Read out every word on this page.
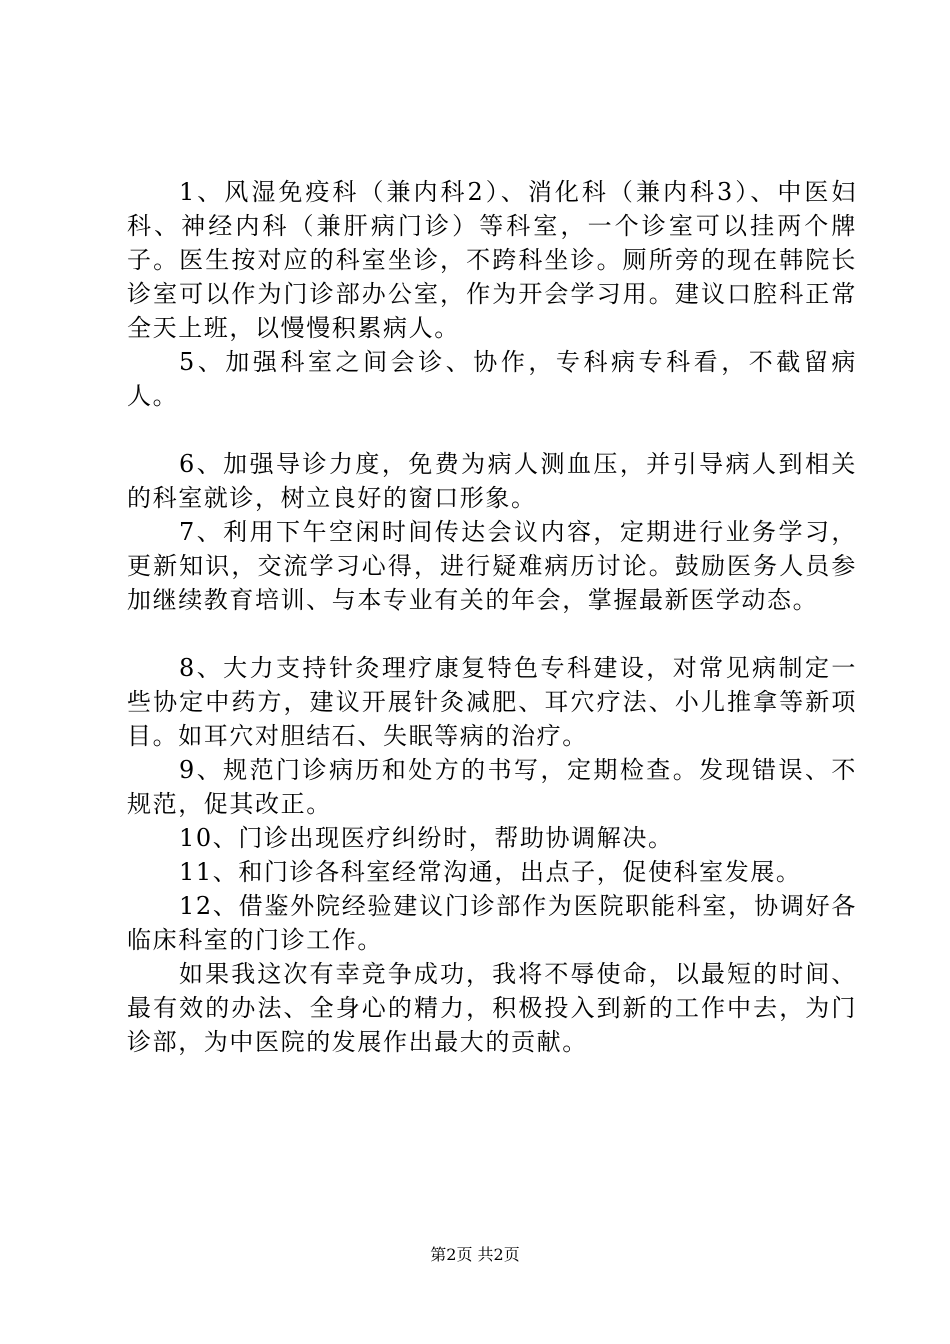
1、风湿免疫科（兼内科2）、消化科（兼内科3）、中医妇科、神经内科（兼肝病门诊）等科室，一个诊室可以挂两个牌子。医生按对应的科室坐诊，不跨科坐诊。厕所旁的现在韩院长诊室可以作为门诊部办公室，作为开会学习用。建议口腔科正常全天上班，以慢慢积累病人。

5、加强科室之间会诊、协作，专科病专科看，不截留病人。

6、加强导诊力度，免费为病人测血压，并引导病人到相关的科室就诊，树立良好的窗口形象。

7、利用下午空闲时间传达会议内容，定期进行业务学习，更新知识，交流学习心得，进行疑难病历讨论。鼓励医务人员参加继续教育培训、与本专业有关的年会，掌握最新医学动态。

8、大力支持针灸理疗康复特色专科建设，对常见病制定一些协定中药方，建议开展针灸减肥、耳穴疗法、小儿推拿等新项目。如耳穴对胆结石、失眠等病的治疗。

9、规范门诊病历和处方的书写，定期检查。发现错误、不规范，促其改正。

10、门诊出现医疗纠纷时，帮助协调解决。

11、和门诊各科室经常沟通，出点子，促使科室发展。

12、借鉴外院经验建议门诊部作为医院职能科室，协调好各临床科室的门诊工作。

如果我这次有幸竞争成功，我将不辱使命，以最短的时间、最有效的办法、全身心的精力，积极投入到新的工作中去，为门诊部，为中医院的发展作出最大的贡献。

第2页 共2页
